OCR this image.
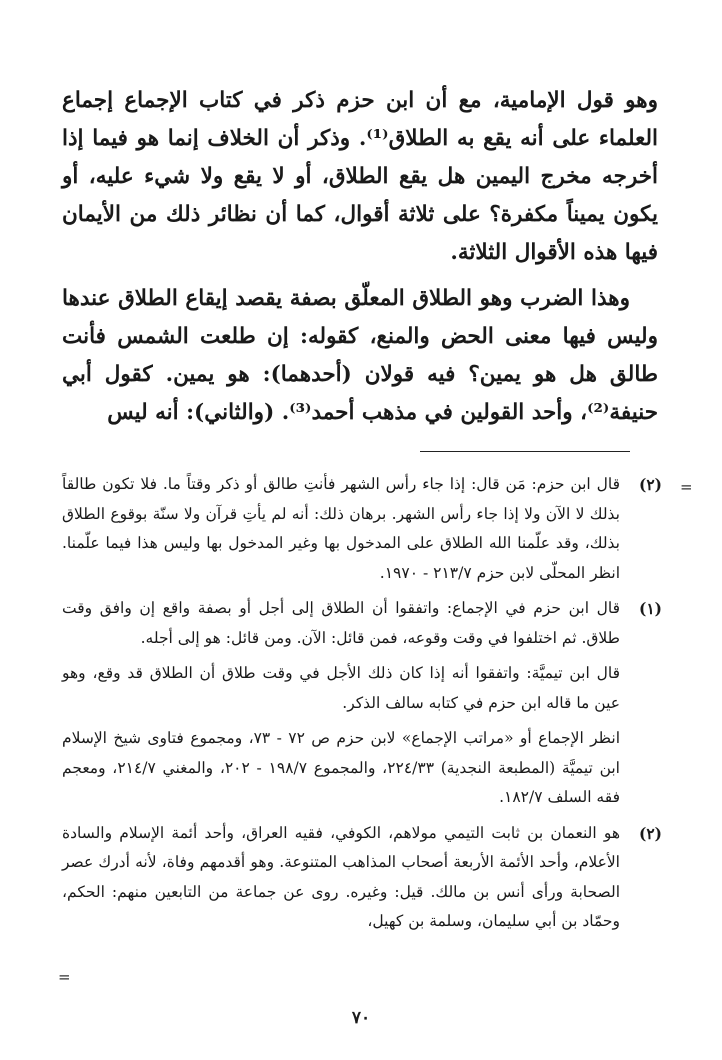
وهو قول الإمامية، مع أن ابن حزم ذكر في كتاب الإجماع إجماع العلماء على أنه يقع به الطلاق⁽¹⁾. وذكر أن الخلاف إنما هو فيما إذا أخرجه مخرج اليمين هل يقع الطلاق، أو لا يقع ولا شيء عليه، أو يكون يميناً مكفرة؟ على ثلاثة أقوال، كما أن نظائر ذلك من الأيمان فيها هذه الأقوال الثلاثة.

وهذا الضرب وهو الطلاق المعلّق بصفة يقصد إيقاع الطلاق عندها وليس فيها معنى الحض والمنع، كقوله: إن طلعت الشمس فأنت طالق هل هو يمين؟ فيه قولان (أحدهما): هو يمين. كقول أبي حنيفة⁽²⁾، وأحد القولين في مذهب أحمد⁽³⁾. (والثاني): أنه ليس

=
(٢)

قال ابن حزم: مَن قال: إذا جاء رأس الشهر فأنتِ طالق أو ذكر وقتاً ما. فلا تكون طالقاً بذلك لا الآن ولا إذا جاء رأس الشهر. برهان ذلك: أنه لم يأتِ قرآن ولا سنّة بوقوع الطلاق بذلك، وقد علّمنا الله الطلاق على المدخول بها وغير المدخول بها وليس هذا فيما علّمنا. انظر المحلّى لابن حزم ٢١٣/٧ - ١٩٧٠.

(١)

قال ابن حزم في الإجماع: واتفقوا أن الطلاق إلى أجل أو بصفة واقع إن وافق وقت طلاق. ثم اختلفوا في وقت وقوعه، فمن قائل: الآن. ومن قائل: هو إلى أجله.

قال ابن تيميَّة: واتفقوا أنه إذا كان ذلك الأجل في وقت طلاق أن الطلاق قد وقع، وهو عين ما قاله ابن حزم في كتابه سالف الذكر.

انظر الإجماع أو «مراتب الإجماع» لابن حزم ص ٧٢ - ٧٣، ومجموع فتاوى شيخ الإسلام ابن تيميَّة (المطبعة النجدية) ٢٢٤/٣٣، والمجموع ١٩٨/٧ - ٢٠٢، والمغني ٢١٤/٧، ومعجم فقه السلف ١٨٢/٧.

(٢)

هو النعمان بن ثابت التيمي مولاهم، الكوفي، فقيه العراق، وأحد أئمة الإسلام والسادة الأعلام، وأحد الأئمة الأربعة أصحاب المذاهب المتنوعة. وهو أقدمهم وفاة، لأنه أدرك عصر الصحابة ورأى أنس بن مالك. قيل: وغيره. روى عن جماعة من التابعين منهم: الحكم، وحمّاد بن أبي سليمان، وسلمة بن كهيل،

=
٧٠
